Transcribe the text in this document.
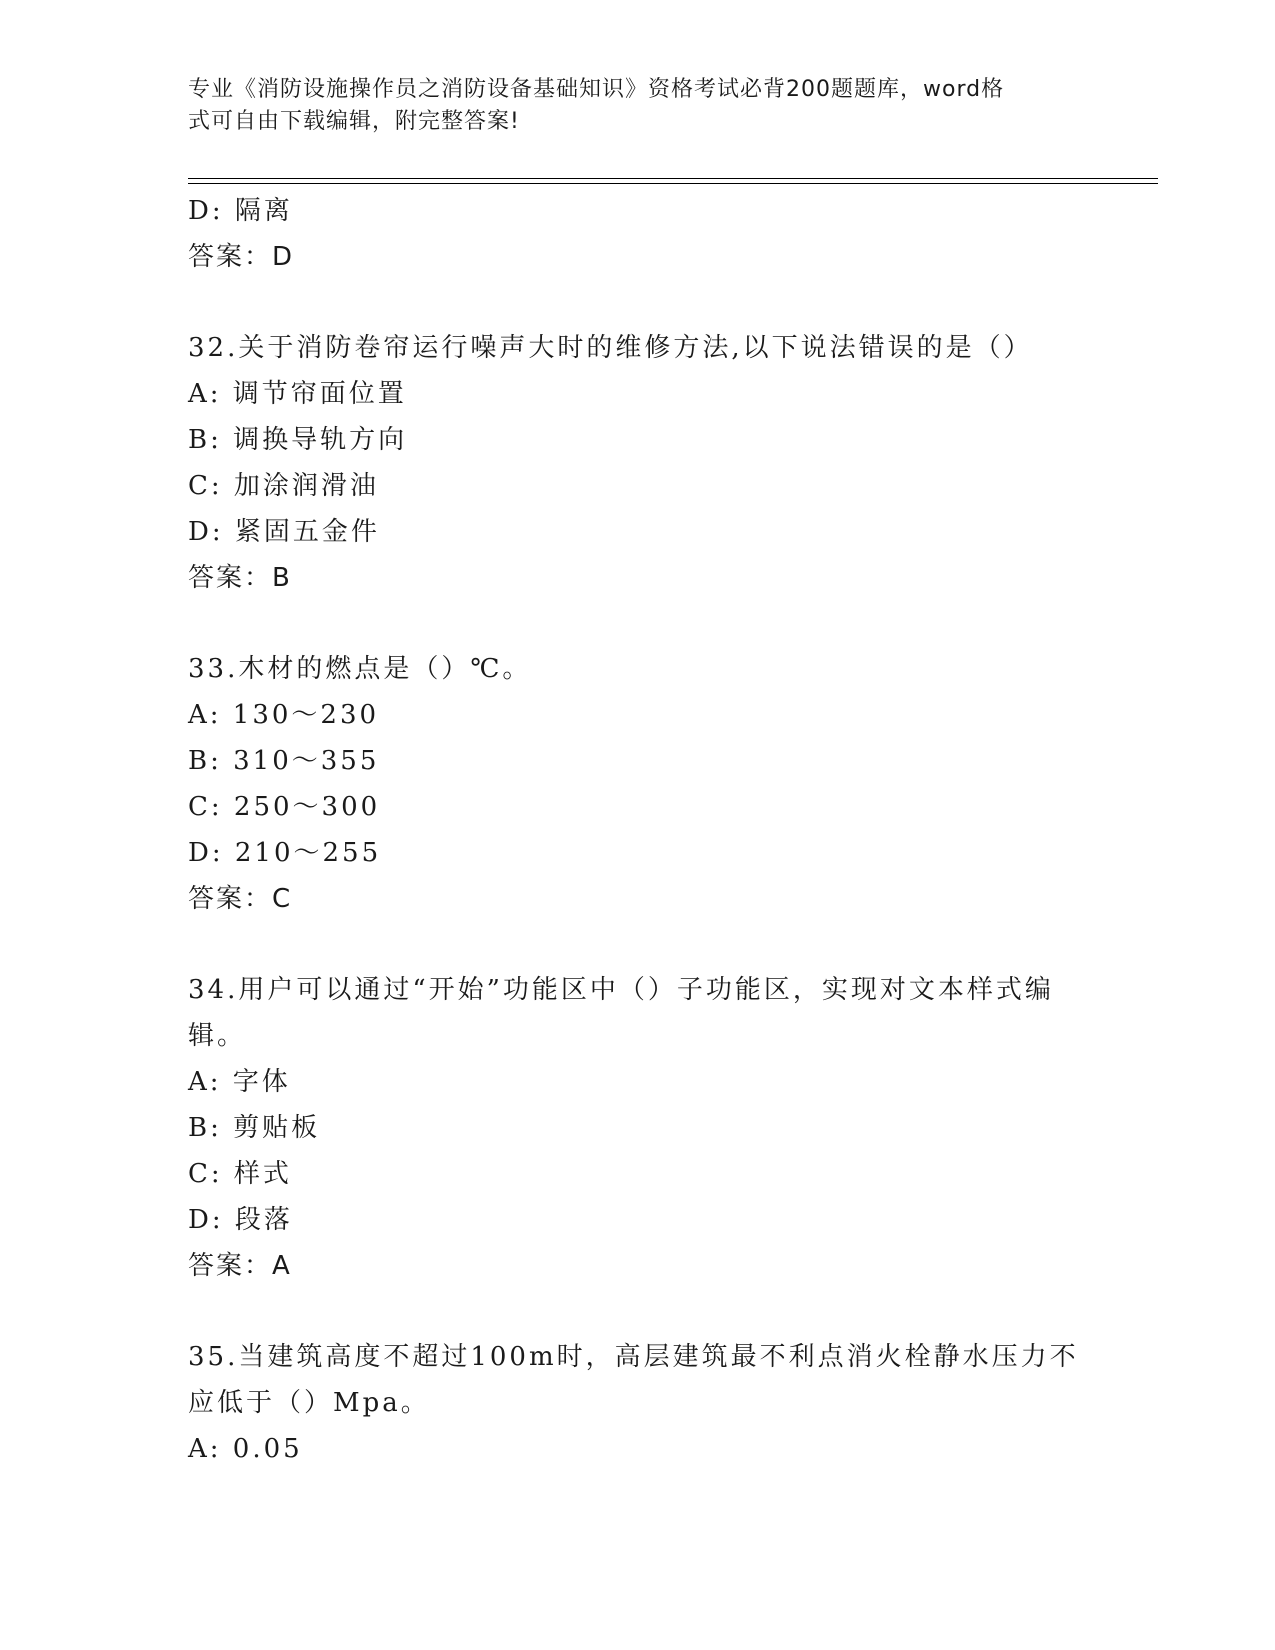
专业《消防设施操作员之消防设备基础知识》资格考试必背200题题库，word格
式可自由下载编辑，附完整答案!
D: 隔离
答案：D
32.关于消防卷帘运行噪声大时的维修方法,以下说法错误的是（）
A: 调节帘面位置
B: 调换导轨方向
C: 加涂润滑油
D: 紧固五金件
答案：B
33.木材的燃点是（）℃。
A: 130～230
B: 310～355
C: 250～300
D: 210～255
答案：C
34.用户可以通过“开始”功能区中（）子功能区，实现对文本样式编
辑。
A: 字体
B: 剪贴板
C: 样式
D: 段落
答案：A
35.当建筑高度不超过100m时，高层建筑最不利点消火栓静水压力不
应低于（）Mpa。
A: 0.05
